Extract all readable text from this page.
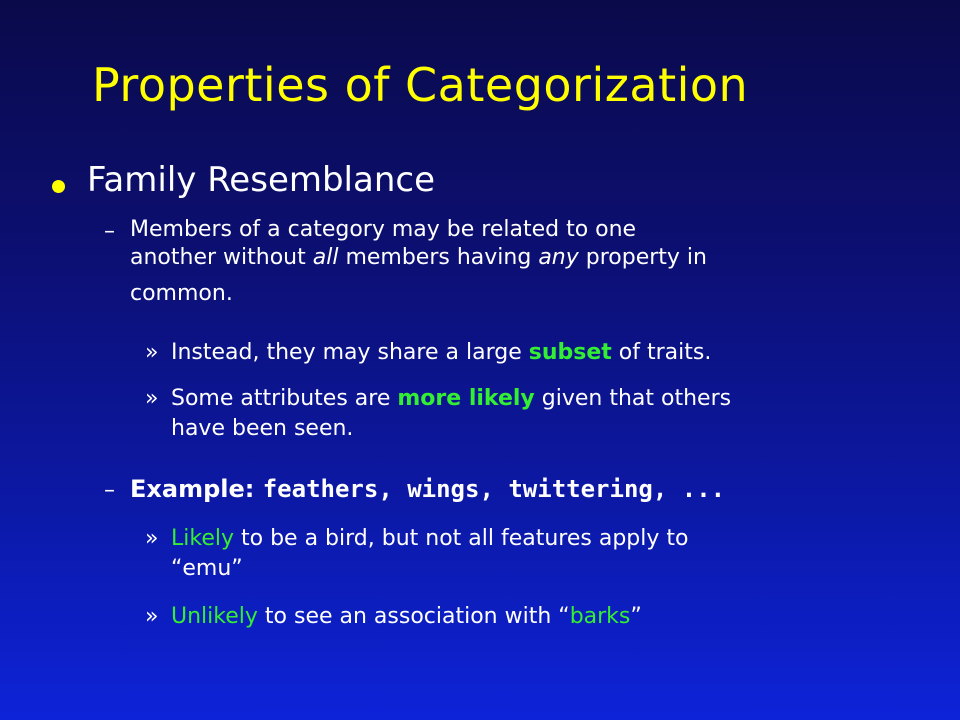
Properties of Categorization
Family Resemblance
– Members of a category may be related to one
another without all members having any property in
common.
» Instead, they may share a large subset of traits.
» Some attributes are more likely given that others
have been seen.
– Example: feathers, wings, twittering, ...
» Likely to be a bird, but not all features apply to
“emu”
» Unlikely to see an association with “barks”
